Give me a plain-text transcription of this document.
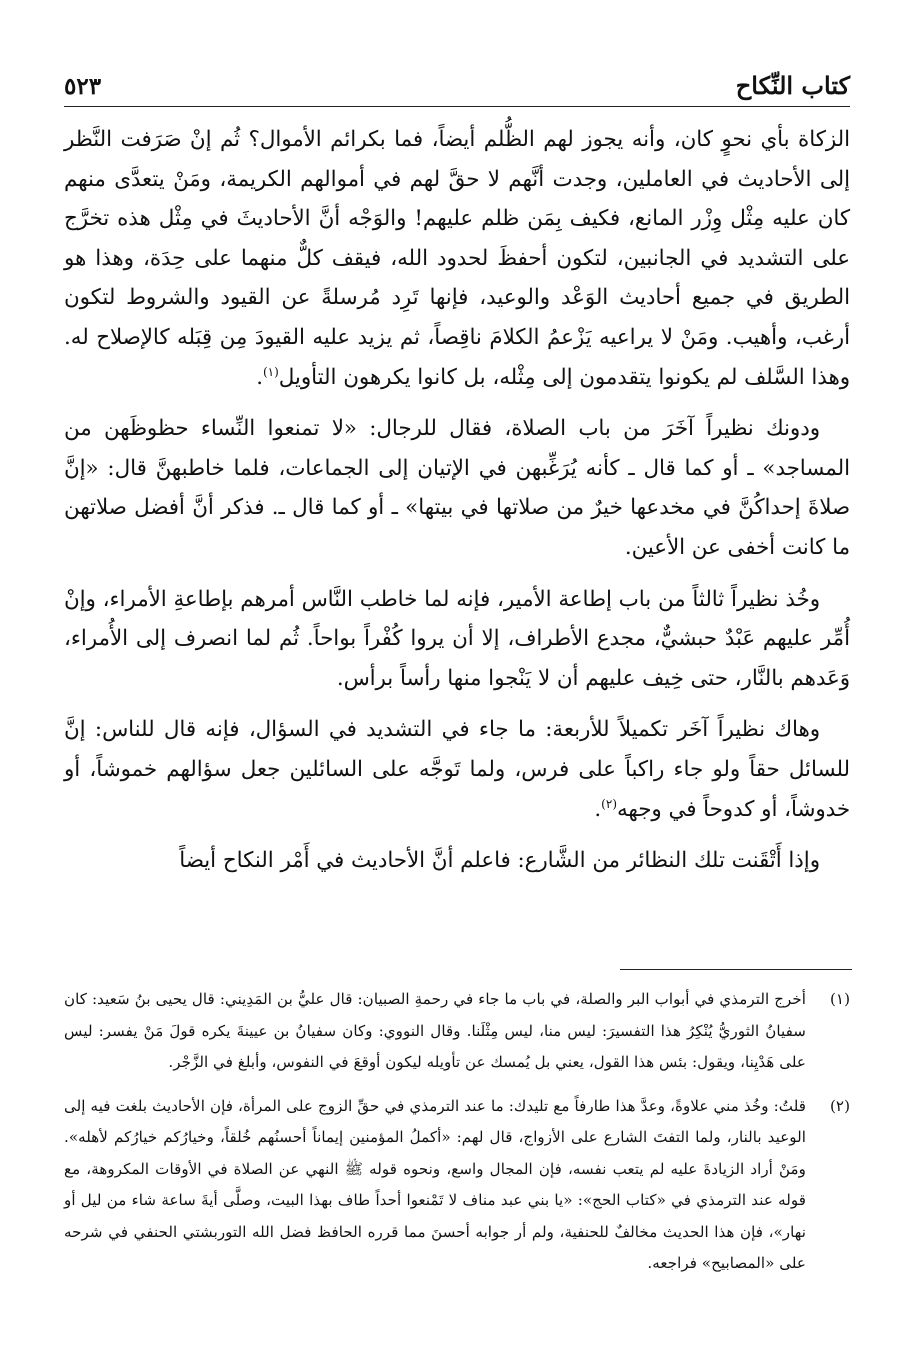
كتاب النِّكاح
٥٢٣

الزكاة بأي نحوٍ كان، وأنه يجوز لهم الظُّلم أيضاً، فما بكرائم الأموال؟ ثُم إنْ صَرَفت النَّظر إلى الأحاديث في العاملين، وجدت أنَّهم لا حقَّ لهم في أموالهم الكريمة، ومَنْ يتعدَّى منهم كان عليه مِثْل وِزْر المانع، فكيف بِمَن ظلم عليهم! والوَجْه أنَّ الأحاديثَ في مِثْل هذه تخرَّج على التشديد في الجانبين، لتكون أحفظَ لحدود الله، فيقف كلٌّ منهما على حِدَة، وهذا هو الطريق في جميع أحاديث الوَعْد والوعيد، فإنها تَرِد مُرسلةً عن القيود والشروط لتكون أرغب، وأهيب. ومَنْ لا يراعيه يَزْعمُ الكلامَ ناقِصاً، ثم يزيد عليه القيودَ مِن قِبَله كالإصلاح له. وهذا السَّلف لم يكونوا يتقدمون إلى مِثْله، بل كانوا يكرهون التأويل$^{(١)}$.

ودونك نظيراً آخَرَ من باب الصلاة، فقال للرجال: «لا تمنعوا النِّساء حظوظَهن من المساجد» ـ أو كما قال ـ كأنه يُرَغِّبهن في الإتيان إلى الجماعات، فلما خاطبهنَّ قال: «إنَّ صلاةَ إحداكُنَّ في مخدعها خيرٌ من صلاتها في بيتها» ـ أو كما قال ـ. فذكر أنَّ أفضل صلاتهن ما كانت أخفى عن الأعين.

وخُذ نظيراً ثالثاً من باب إطاعة الأمير، فإنه لما خاطب النَّاس أمرهم بإطاعةِ الأمراء، وإنْ أُمِّر عليهم عَبْدٌ حبشيٌّ، مجدع الأطراف، إلا أن يروا كُفْراً بواحاً. ثُم لما انصرف إلى الأُمراء، وَعَدهم بالنَّار، حتى خِيف عليهم أن لا يَنْجوا منها رأساً برأس.

وهاك نظيراً آخَر تكميلاً للأربعة: ما جاء في التشديد في السؤال، فإنه قال للناس: إنَّ للسائل حقاً ولو جاء راكباً على فرس، ولما تَوجَّه على السائلين جعل سؤالهم خموشاً، أو خدوشاً، أو كدوحاً في وجهه$^{(٢)}$.

وإذا أَتْقَنت تلك النظائر من الشَّارع: فاعلم أنَّ الأحاديث في أَمْر النكاح أيضاً

(١)
أخرج الترمذي في أبواب البر والصلة، في باب ما جاء في رحمةِ الصبيان: قال عليُّ بن المَدِيني: قال يحيى بنُ سَعيد: كان سفيانُ الثوريُّ يُنْكِرُ هذا التفسيرَ: ليس منا، ليس مِثْلَنا. وقال النووي: وكان سفيانُ بن عيينةَ يكره قولَ مَنْ يفسر: ليس على هَدْيِنا، ويقول: بئس هذا القول، يعني بل يُمسك عن تأويله ليكون أوقعَ في النفوس، وأبلغ في الزَّجْر.
(٢)
قلتُ: وخُذ مني علاوةً، وعدَّ هذا طارفاً مع تليدك: ما عند الترمذي في حقِّ الزوج على المرأة، فإن الأحاديث بلغت فيه إلى الوعيد بالنار، ولما التفتَ الشارع على الأزواج، قال لهم: «أكملُ المؤمنين إيماناً أحسنُهم خُلقاً، وخيارُكم خيارُكم لأهله». ومَنْ أراد الزيادةَ عليه لم يتعب نفسه، فإن المجال واسع، ونحوه قوله ﷺ النهي عن الصلاة في الأوقات المكروهة، مع قوله عند الترمذي في «كتاب الحج»: «يا بني عبد مناف لا تَمْنعوا أحداً طاف بهذا البيت، وصلَّى أيةَ ساعة شاء من ليل أو نهار»، فإن هذا الحديث مخالفٌ للحنفية، ولم أر جوابه أحسنَ مما قرره الحافظ فضل الله التوربشتي الحنفي في شرحه على «المصابيح» فراجعه.
